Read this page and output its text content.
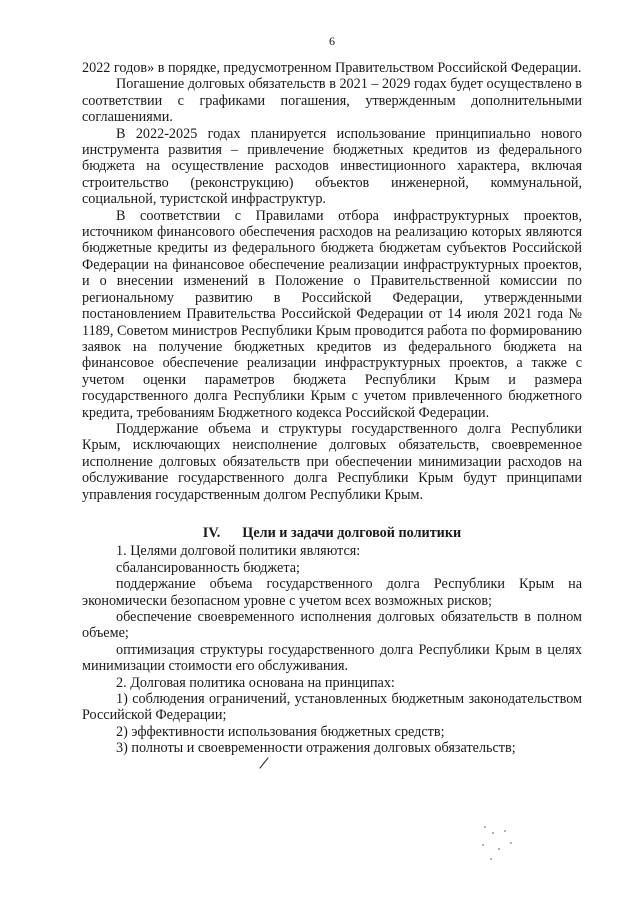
6

2022 годов» в порядке, предусмотренном Правительством Российской Федерации.

Погашение долговых обязательств в 2021 – 2029 годах будет осуществлено в соответствии с графиками погашения, утвержденным дополнительными соглашениями.

В 2022-2025 годах планируется использование принципиально нового инструмента развития – привлечение бюджетных кредитов из федерального бюджета на осуществление расходов инвестиционного характера, включая строительство (реконструкцию) объектов инженерной, коммунальной, социальной, туристской инфраструктур.

В соответствии с Правилами отбора инфраструктурных проектов, источником финансового обеспечения расходов на реализацию которых являются бюджетные кредиты из федерального бюджета бюджетам субъектов Российской Федерации на финансовое обеспечение реализации инфраструктурных проектов, и о внесении изменений в Положение о Правительственной комиссии по региональному развитию в Российской Федерации, утвержденными постановлением Правительства Российской Федерации от 14 июля 2021 года № 1189, Советом министров Республики Крым проводится работа по формированию заявок на получение бюджетных кредитов из федерального бюджета на финансовое обеспечение реализации инфраструктурных проектов, а также с учетом оценки параметров бюджета Республики Крым и размера государственного долга Республики Крым с учетом привлеченного бюджетного кредита, требованиям Бюджетного кодекса Российской Федерации.

Поддержание объема и структуры государственного долга Республики Крым, исключающих неисполнение долговых обязательств, своевременное исполнение долговых обязательств при обеспечении минимизации расходов на обслуживание государственного долга Республики Крым будут принципами управления государственным долгом Республики Крым.

IV. Цели и задачи долговой политики

1. Целями долговой политики являются:

сбалансированность бюджета;

поддержание объема государственного долга Республики Крым на экономически безопасном уровне с учетом всех возможных рисков;

обеспечение своевременного исполнения долговых обязательств в полном объеме;

оптимизация структуры государственного долга Республики Крым в целях минимизации стоимости его обслуживания.

2. Долговая политика основана на принципах:

1) соблюдения ограничений, установленных бюджетным законодательством Российской Федерации;

2) эффективности использования бюджетных средств;

3) полноты и своевременности отражения долговых обязательств;
